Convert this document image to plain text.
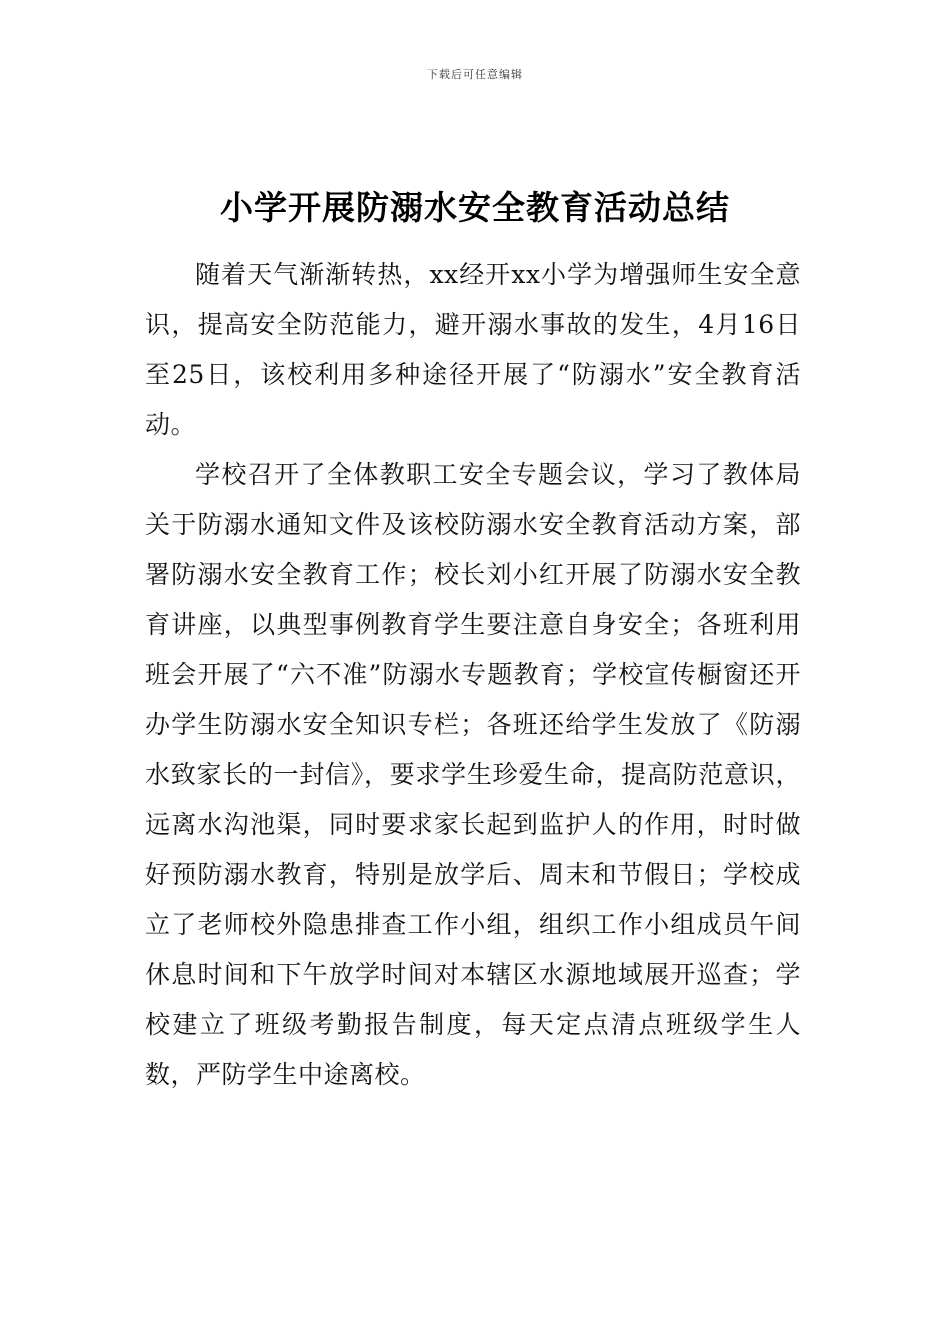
下载后可任意编辑
小学开展防溺水安全教育活动总结

随着天气渐渐转热，xx经开xx小学为增强师生安全意识，提高安全防范能力，避开溺水事故的发生，4月16日至25日，该校利用多种途径开展了“防溺水”安全教育活动。

学校召开了全体教职工安全专题会议，学习了教体局关于防溺水通知文件及该校防溺水安全教育活动方案，部署防溺水安全教育工作；校长刘小红开展了防溺水安全教育讲座，以典型事例教育学生要注意自身安全；各班利用班会开展了“六不准”防溺水专题教育；学校宣传橱窗还开办学生防溺水安全知识专栏；各班还给学生发放了《防溺水致家长的一封信》，要求学生珍爱生命，提高防范意识，远离水沟池渠，同时要求家长起到监护人的作用，时时做好预防溺水教育，特别是放学后、周末和节假日；学校成立了老师校外隐患排查工作小组，组织工作小组成员午间休息时间和下午放学时间对本辖区水源地域展开巡查；学校建立了班级考勤报告制度，每天定点清点班级学生人数，严防学生中途离校。
